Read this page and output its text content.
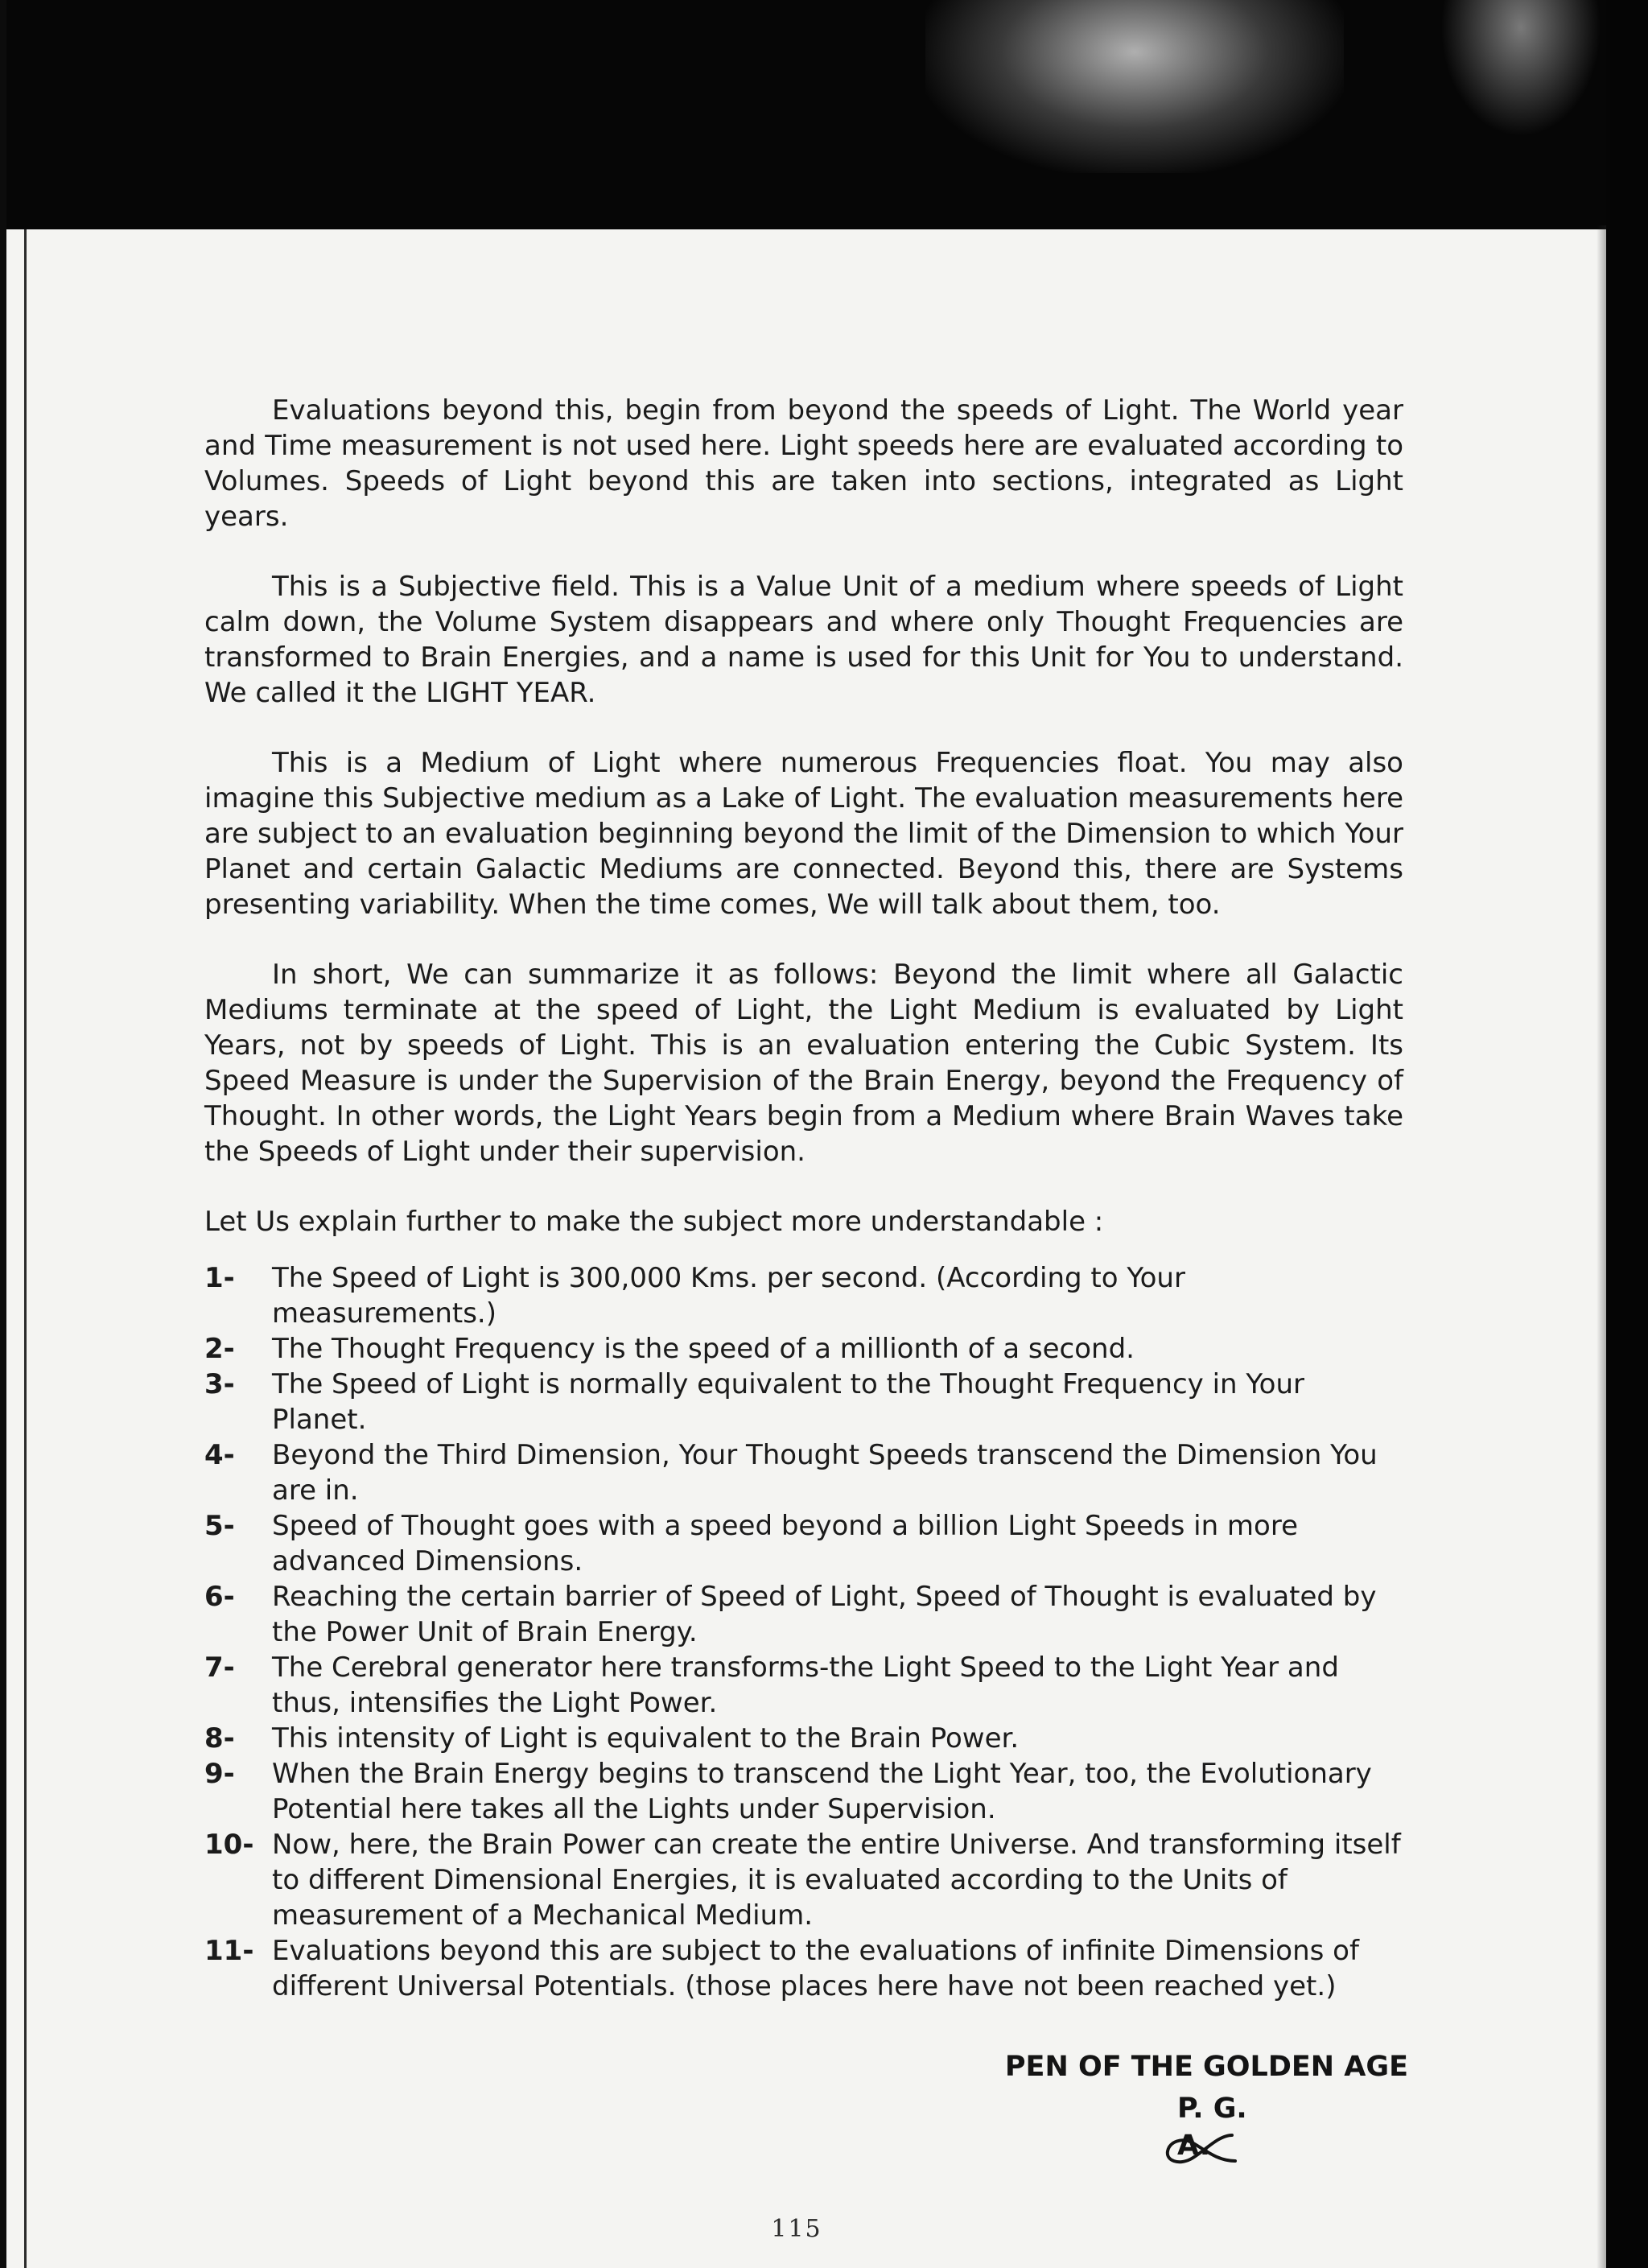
Evaluations beyond this, begin from beyond the speeds of Light. The World year and Time measurement is not used here. Light speeds here are evaluated according to Volumes. Speeds of Light beyond this are taken into sections, integrated as Light years.

This is a Subjective field. This is a Value Unit of a medium where speeds of Light calm down, the Volume System disappears and where only Thought Frequencies are transformed to Brain Energies, and a name is used for this Unit for You to understand. We called it the LIGHT YEAR.

This is a Medium of Light where numerous Frequencies float. You may also imagine this Subjective medium as a Lake of Light. The evaluation measurements here are subject to an evaluation beginning beyond the limit of the Dimension to which Your Planet and certain Galactic Mediums are connected. Beyond this, there are Systems presenting variability. When the time comes, We will talk about them, too.

In short, We can summarize it as follows: Beyond the limit where all Galactic Mediums terminate at the speed of Light, the Light Medium is evaluated by Light Years, not by speeds of Light. This is an evaluation entering the Cubic System. Its Speed Measure is under the Supervision of the Brain Energy, beyond the Frequency of Thought. In other words, the Light Years begin from a Medium where Brain Waves take the Speeds of Light under their supervision.

Let Us explain further to make the subject more understandable :

1-	The Speed of Light is 300,000 Kms. per second. (According to Your measurements.)
2-	The Thought Frequency is the speed of a millionth of a second.
3-	The Speed of Light is normally equivalent to the Thought Frequency in Your Planet.
4-	Beyond the Third Dimension, Your Thought Speeds transcend the Dimension You are in.
5-	Speed of Thought goes with a speed beyond a billion Light Speeds in more advanced Dimensions.
6-	Reaching the certain barrier of Speed of Light, Speed of Thought is evaluated by the Power Unit of Brain Energy.
7-	The Cerebral generator here transforms-the Light Speed to the Light Year and thus, intensifies the Light Power.
8-	This intensity of Light is equivalent to the Brain Power.
9-	When the Brain Energy begins to transcend the Light Year, too, the Evolutionary Potential here takes all the Lights under Supervision.
10- Now, here, the Brain Power can create the entire Universe. And transforming itself to different Dimensional Energies, it is evaluated according to the Units of measurement of a Mechanical Medium.
11- Evaluations beyond this are subject to the evaluations of infinite Dimensions of different Universal Potentials. (those places here have not been reached yet.)
PEN OF THE GOLDEN AGE
P. G. A.
115
